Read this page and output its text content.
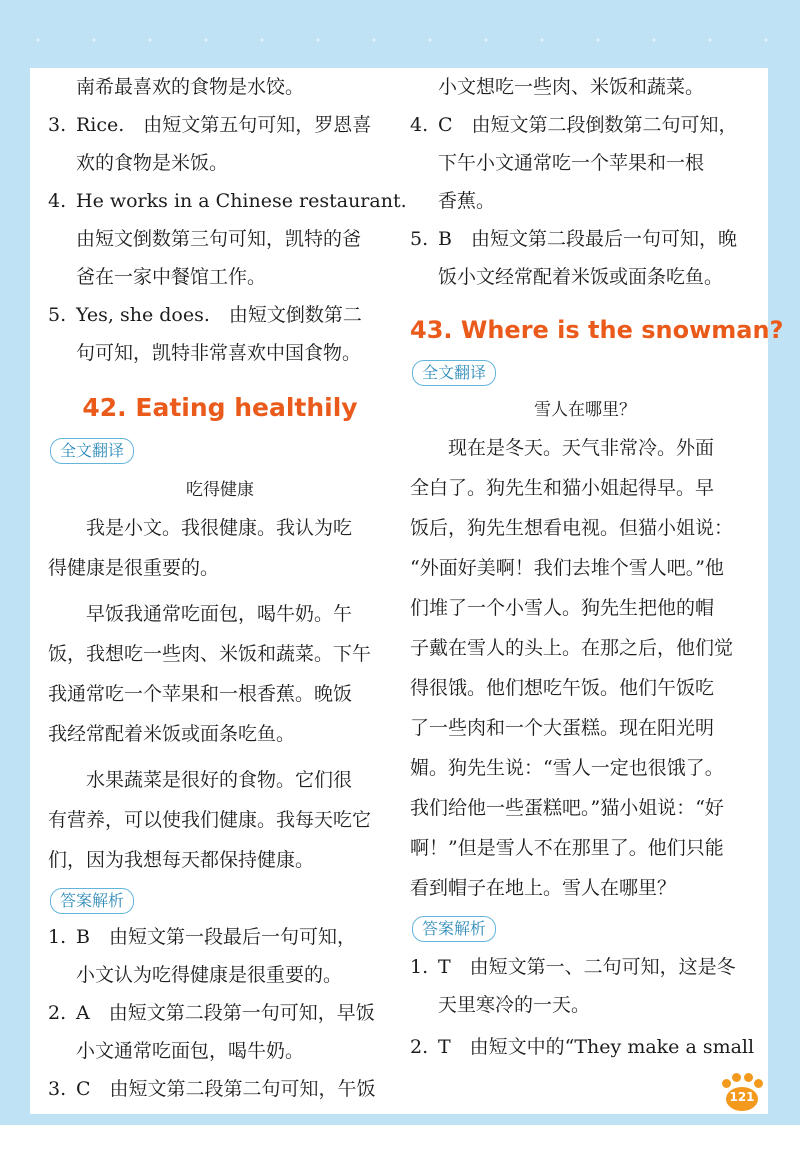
南希最喜欢的食物是水饺。
3. Rice.　由短文第五句可知，罗恩喜
欢的食物是米饭。
4. He works in a Chinese restaurant.
由短文倒数第三句可知，凯特的爸
爸在一家中餐馆工作。
5. Yes, she does.　由短文倒数第二
句可知，凯特非常喜欢中国食物。
42. Eating healthily
全文翻译
吃得健康
　　我是小文。我很健康。我认为吃
得健康是很重要的。
　　早饭我通常吃面包，喝牛奶。午
饭，我想吃一些肉、米饭和蔬菜。下午
我通常吃一个苹果和一根香蕉。晚饭
我经常配着米饭或面条吃鱼。
　　水果蔬菜是很好的食物。它们很
有营养，可以使我们健康。我每天吃它
们，因为我想每天都保持健康。
答案解析
1. B　由短文第一段最后一句可知，
小文认为吃得健康是很重要的。
2. A　由短文第二段第一句可知，早饭
小文通常吃面包，喝牛奶。
3. C　由短文第二段第二句可知，午饭
小文想吃一些肉、米饭和蔬菜。
4. C　由短文第二段倒数第二句可知，
下午小文通常吃一个苹果和一根
香蕉。
5. B　由短文第二段最后一句可知，晚
饭小文经常配着米饭或面条吃鱼。
43. Where is the snowman?
全文翻译
雪人在哪里？
　　现在是冬天。天气非常冷。外面
全白了。狗先生和猫小姐起得早。早
饭后，狗先生想看电视。但猫小姐说：
“外面好美啊！我们去堆个雪人吧。”他
们堆了一个小雪人。狗先生把他的帽
子戴在雪人的头上。在那之后，他们觉
得很饿。他们想吃午饭。他们午饭吃
了一些肉和一个大蛋糕。现在阳光明
媚。狗先生说：“雪人一定也很饿了。
我们给他一些蛋糕吧。”猫小姐说：“好
啊！”但是雪人不在那里了。他们只能
看到帽子在地上。雪人在哪里？
答案解析
1. T　由短文第一、二句可知，这是冬
天里寒冷的一天。
2. T　由短文中的“They make a small
121
